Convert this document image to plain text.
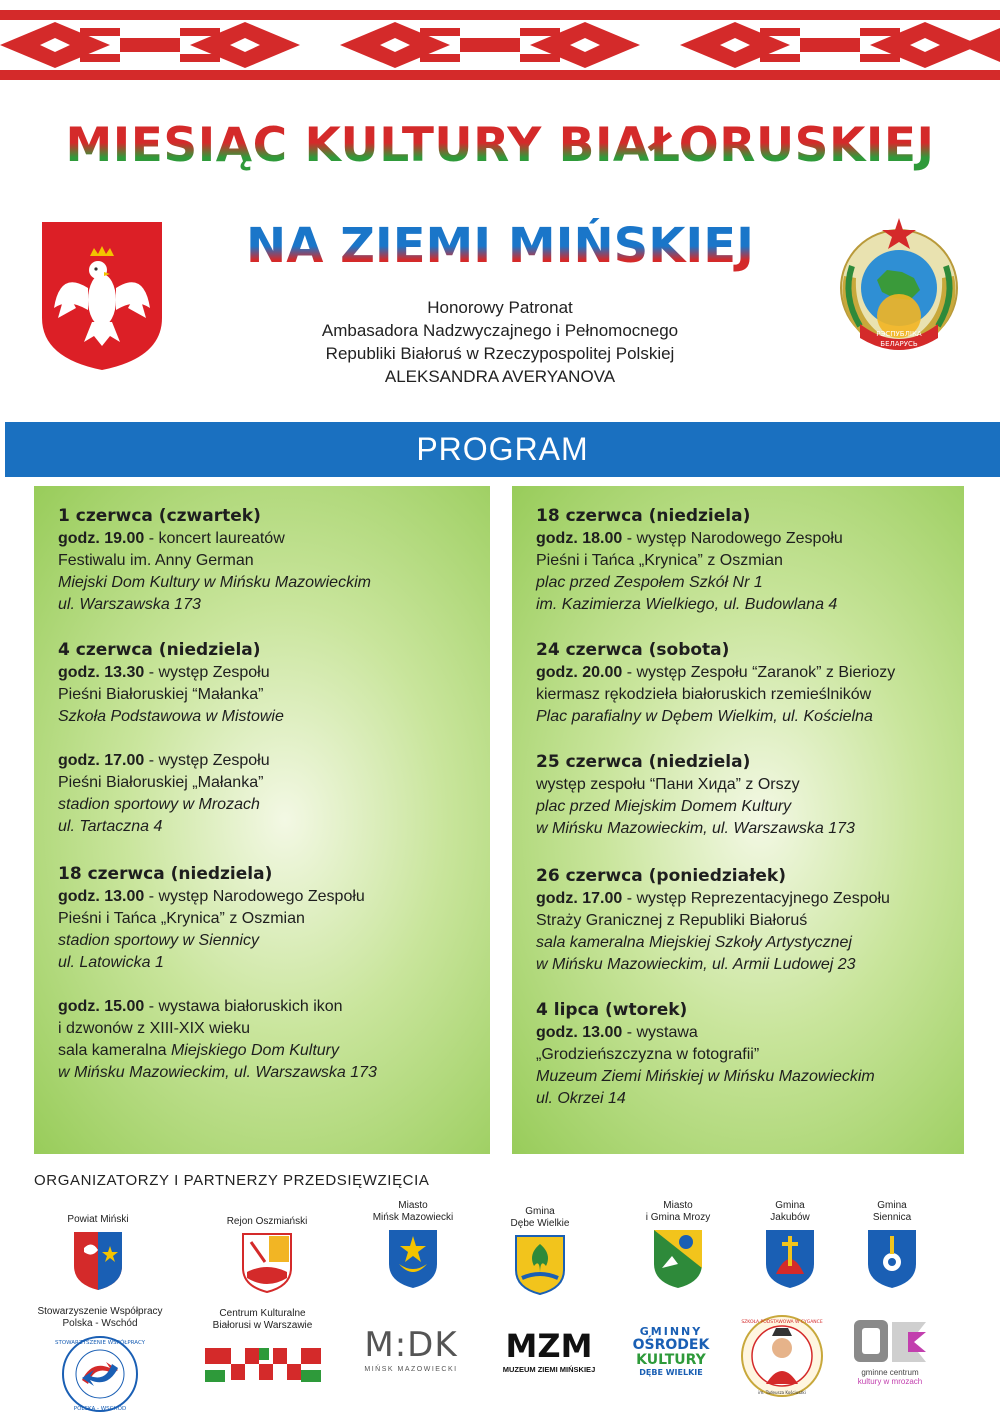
MIESIĄC KULTURY BIAŁORUSKIEJ
NA ZIEMI MIŃSKIEJ
РЭСПУБЛІКА
БЕЛАРУСЬ
Honorowy Patronat
Ambasadora Nadzwyczajnego i Pełnomocnego
Republiki Białoruś w Rzeczypospolitej Polskiej
ALEKSANDRA AVERYANOVA
PROGRAM
1 czerwca (czwartek)
godz. 19.00 - koncert laureatów
Festiwalu im. Anny German
Miejski Dom Kultury w Mińsku Mazowieckim
ul. Warszawska 173
4 czerwca (niedziela)
godz. 13.30 - występ Zespołu
Pieśni Białoruskiej “Małanka”
Szkoła Podstawowa w Mistowie
godz. 17.00 - występ Zespołu
Pieśni Białoruskiej „Małanka”
stadion sportowy w Mrozach
ul. Tartaczna 4
18 czerwca (niedziela)
godz. 13.00 - występ Narodowego Zespołu
Pieśni i Tańca „Krynica” z Oszmian
stadion sportowy w Siennicy
ul. Latowicka 1
godz. 15.00 - wystawa białoruskich ikon
i dzwonów z XIII-XIX wieku
sala kameralna Miejskiego Dom Kultury
w Mińsku Mazowieckim, ul. Warszawska 173
18 czerwca (niedziela)
godz. 18.00 - występ Narodowego Zespołu
Pieśni i Tańca „Krynica” z Oszmian
plac przed Zespołem Szkół Nr 1
im. Kazimierza Wielkiego, ul. Budowlana 4
24 czerwca (sobota)
godz. 20.00 - występ Zespołu “Zaranok” z Bieriozy
kiermasz rękodzieła białoruskich rzemieślników
Plac parafialny w Dębem Wielkim, ul. Kościelna
25 czerwca (niedziela)
występ zespołu “Пани Хида” z Orszy
plac przed Miejskim Domem Kultury
w Mińsku Mazowieckim, ul. Warszawska 173
26 czerwca (poniedziałek)
godz. 17.00 - występ Reprezentacyjnego Zespołu
Straży Granicznej z Republiki Białoruś
sala kameralna Miejskiej Szkoły Artystycznej
w Mińsku Mazowieckim, ul. Armii Ludowej 23
4 lipca (wtorek)
godz. 13.00 - wystawa
„Grodzieńszczyzna w fotografii”
Muzeum Ziemi Mińskiej w Mińsku Mazowieckim
ul. Okrzei 14
ORGANIZATORZY I PARTNERZY PRZEDSIĘWZIĘCIA
Powiat Miński	Rejon Oszmiański
Miasto
Mińsk Mazowiecki
Gmina
Dębe Wielkie
Miasto
i Gmina Mrozy
Gmina
Jakubów
Gmina
Siennica
Stowarzyszenie Współpracy
Polska - Wschód
STOWARZYSZENIE WSPÓŁPRACY
POLSKA - WSCHÓD
Centrum Kulturalne
Białorusi w Warszawie	M:DK
MIŃSK MAZOWIECKI
MZM
MUZEUM ZIEMI MIŃSKIEJ
GMINNY
OŚRODEK
KULTURY
DĘBE WIELKIE
SZKOŁA PODSTAWOWA W CYGANCE
im. Tadeusza Kościuszki
gminne centrum
kultury w mrozach
